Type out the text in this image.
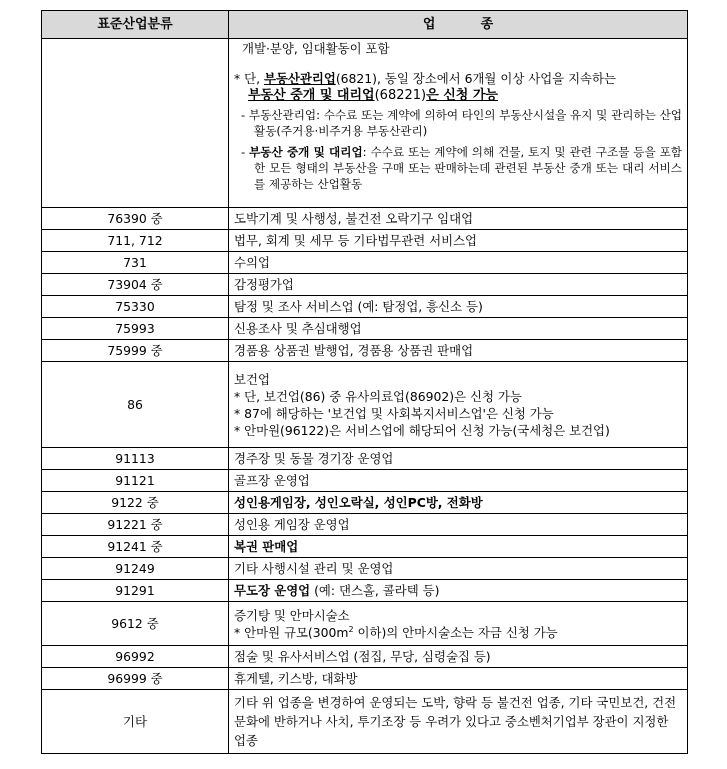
표준산업분류	업          종

	개발·분양, 임대활동이 포함
* 단, 부동산관리업(6821), 동일 장소에서 6개월 이상 사업을 지속하는
부동산 중개 및 대리업(68221)은 신청 가능
- 부동산관리업: 수수료 또는 계약에 의하여 타인의 부동산시설을 유지 및 관리하는 산업활동(주거용·비주거용 부동산관리)
- 부동산 중개 및 대리업: 수수료 또는 계약에 의해 건물, 토지 및 관련 구조물 등을 포함한 모든 형태의 부동산을 구매 또는 판매하는데 관련된 부동산 중개 또는 대리 서비스를 제공하는 산업활동

76390 중	도박기계 및 사행성, 불건전 오락기구 임대업
711, 712	법무, 회계 및 세무 등 기타법무관련 서비스업
731	수의업
73904 중	감정평가업
75330	탐정 및 조사 서비스업 (예: 탐정업, 흥신소 등)
75993	신용조사 및 추심대행업
75999 중	경품용 상품권 발행업, 경품용 상품권 판매업
86	보건업
* 단, 보건업(86) 중 유사의료업(86902)은 신청 가능
* 87에 해당하는 '보건업 및 사회복지서비스업'은 신청 가능
* 안마원(96122)은 서비스업에 해당되어 신청 가능(국세청은 보건업)

91113	경주장 및 동물 경기장 운영업
91121	골프장 운영업
9122 중	성인용게임장, 성인오락실, 성인PC방, 전화방
91221 중	성인용 게임장 운영업
91241 중	복권 판매업
91249	기타 사행시설 관리 및 운영업
91291	무도장 운영업 (예: 댄스홀, 콜라텍 등)
9612 중	증기탕 및 안마시술소
* 안마원 규모($300m^2$ 이하)의 안마시술소는 자금 신청 가능

96992	점술 및 유사서비스업 (점집, 무당, 심령술집 등)
96999 중	휴게텔, 키스방, 대화방
기타	기타 위 업종을 변경하여 운영되는 도박, 향락 등 불건전 업종, 기타 국민보건, 건전문화에 반하거나 사치, 투기조장 등 우려가 있다고 중소벤처기업부 장관이 지정한 업종
